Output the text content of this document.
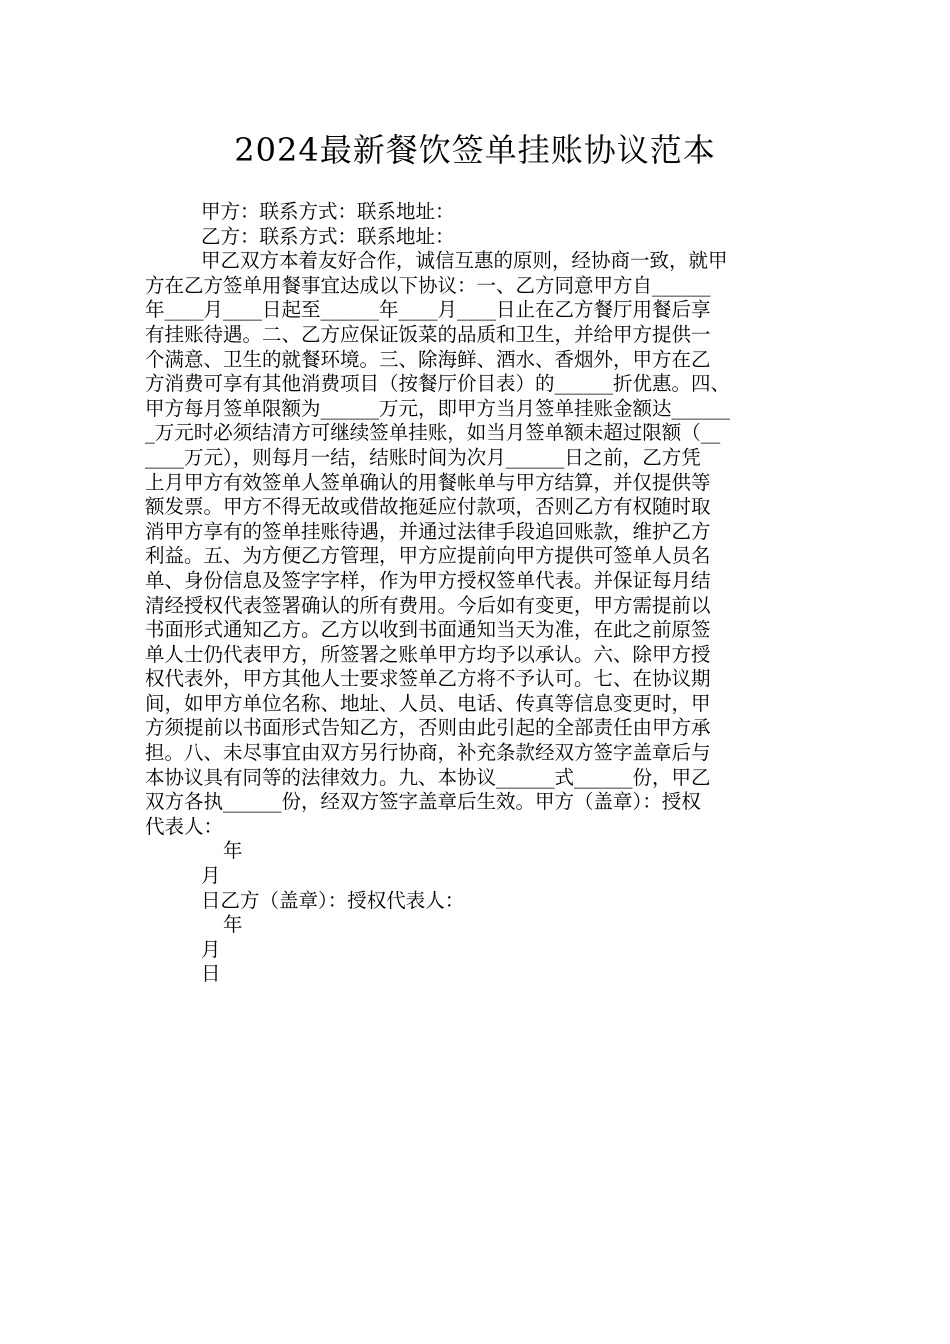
2024最新餐饮签单挂账协议范本
甲方：联系方式：联系地址：
乙方：联系方式：联系地址：
甲乙双方本着友好合作，诚信互惠的原则，经协商一致，就甲
方在乙方签单用餐事宜达成以下协议：一、乙方同意甲方自______
年____月____日起至______年____月____日止在乙方餐厅用餐后享
有挂账待遇。二、乙方应保证饭菜的品质和卫生，并给甲方提供一
个满意、卫生的就餐环境。三、除海鲜、酒水、香烟外，甲方在乙
方消费可享有其他消费项目（按餐厅价目表）的______折优惠。四、
甲方每月签单限额为______万元，即甲方当月签单挂账金额达______
_万元时必须结清方可继续签单挂账，如当月签单额未超过限额（__
____万元），则每月一结，结账时间为次月______日之前，乙方凭
上月甲方有效签单人签单确认的用餐帐单与甲方结算，并仅提供等
额发票。甲方不得无故或借故拖延应付款项，否则乙方有权随时取
消甲方享有的签单挂账待遇，并通过法律手段追回账款，维护乙方
利益。五、为方便乙方管理，甲方应提前向甲方提供可签单人员名
单、身份信息及签字字样，作为甲方授权签单代表。并保证每月结
清经授权代表签署确认的所有费用。今后如有变更，甲方需提前以
书面形式通知乙方。乙方以收到书面通知当天为准，在此之前原签
单人士仍代表甲方，所签署之账单甲方均予以承认。六、除甲方授
权代表外，甲方其他人士要求签单乙方将不予认可。七、在协议期
间，如甲方单位名称、地址、人员、电话、传真等信息变更时，甲
方须提前以书面形式告知乙方，否则由此引起的全部责任由甲方承
担。八、未尽事宜由双方另行协商，补充条款经双方签字盖章后与
本协议具有同等的法律效力。九、本协议______式______份，甲乙
双方各执______份，经双方签字盖章后生效。甲方（盖章）：授权
代表人：
年
月
日乙方（盖章）：授权代表人：
年
月
日
